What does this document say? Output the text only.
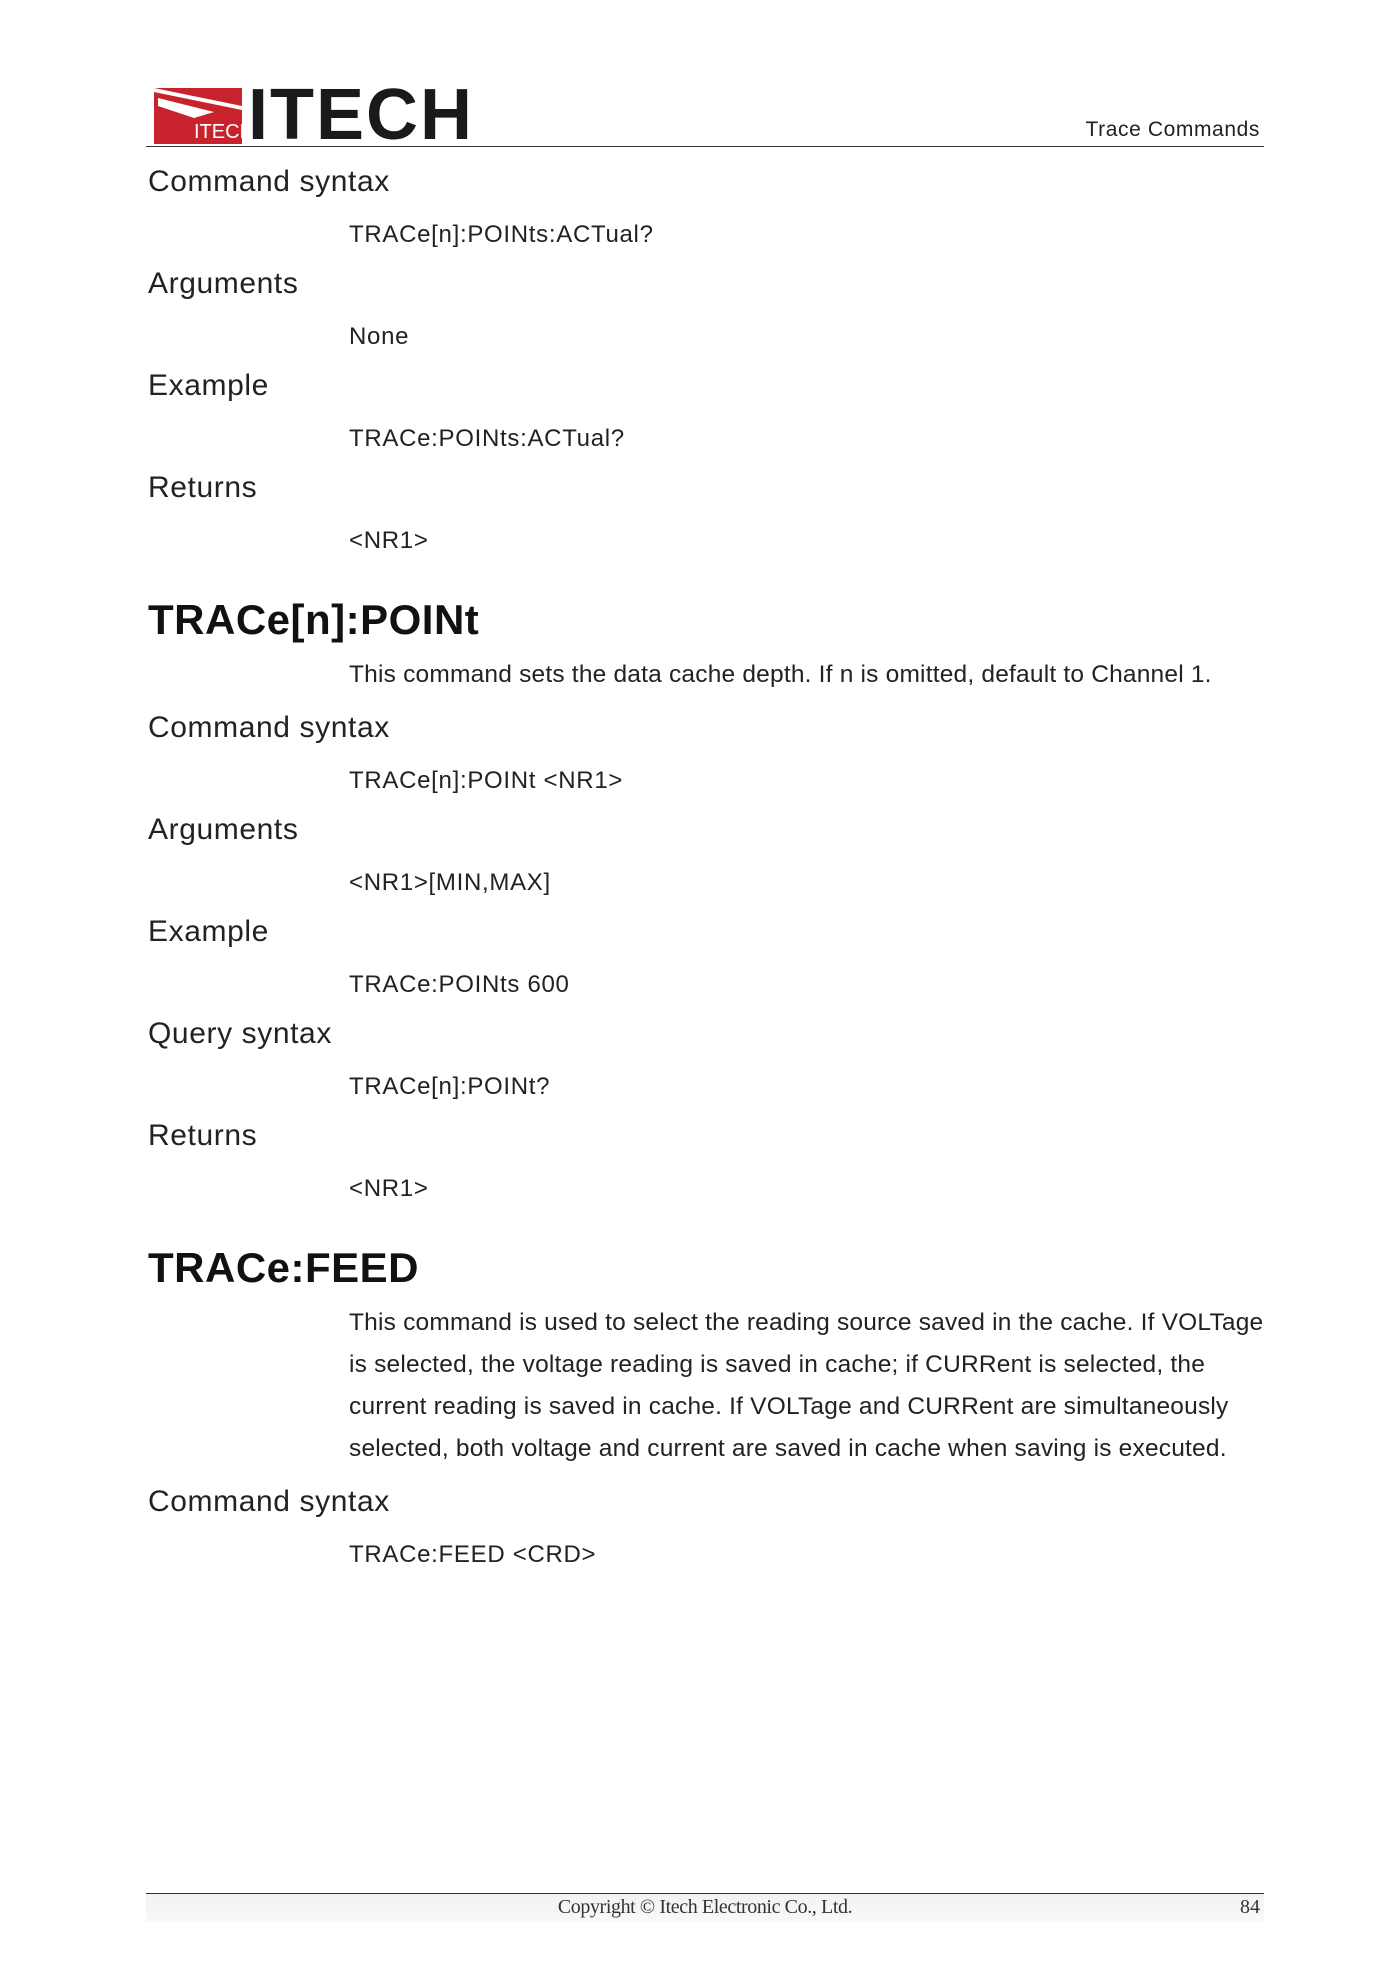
ITECH
ITECH	Trace Commands
Command syntax
TRACe[n]:POINts:ACTual?
Arguments
None
Example
TRACe:POINts:ACTual?
Returns
<NR1>
TRACe[n]:POINt
This command sets the data cache depth. If n is omitted, default to Channel 1.
Command syntax
TRACe[n]:POINt <NR1>
Arguments
<NR1>[MIN,MAX]
Example
TRACe:POINts 600
Query syntax
TRACe[n]:POINt?
Returns
<NR1>
TRACe:FEED
This command is used to select the reading source saved in the cache. If VOLTage is selected, the voltage reading is saved in cache; if CURRent is selected, the current reading is saved in cache. If VOLTage and CURRent are simultaneously selected, both voltage and current are saved in cache when saving is executed.
Command syntax
TRACe:FEED <CRD>
Copyright © Itech Electronic Co., Ltd.	84
